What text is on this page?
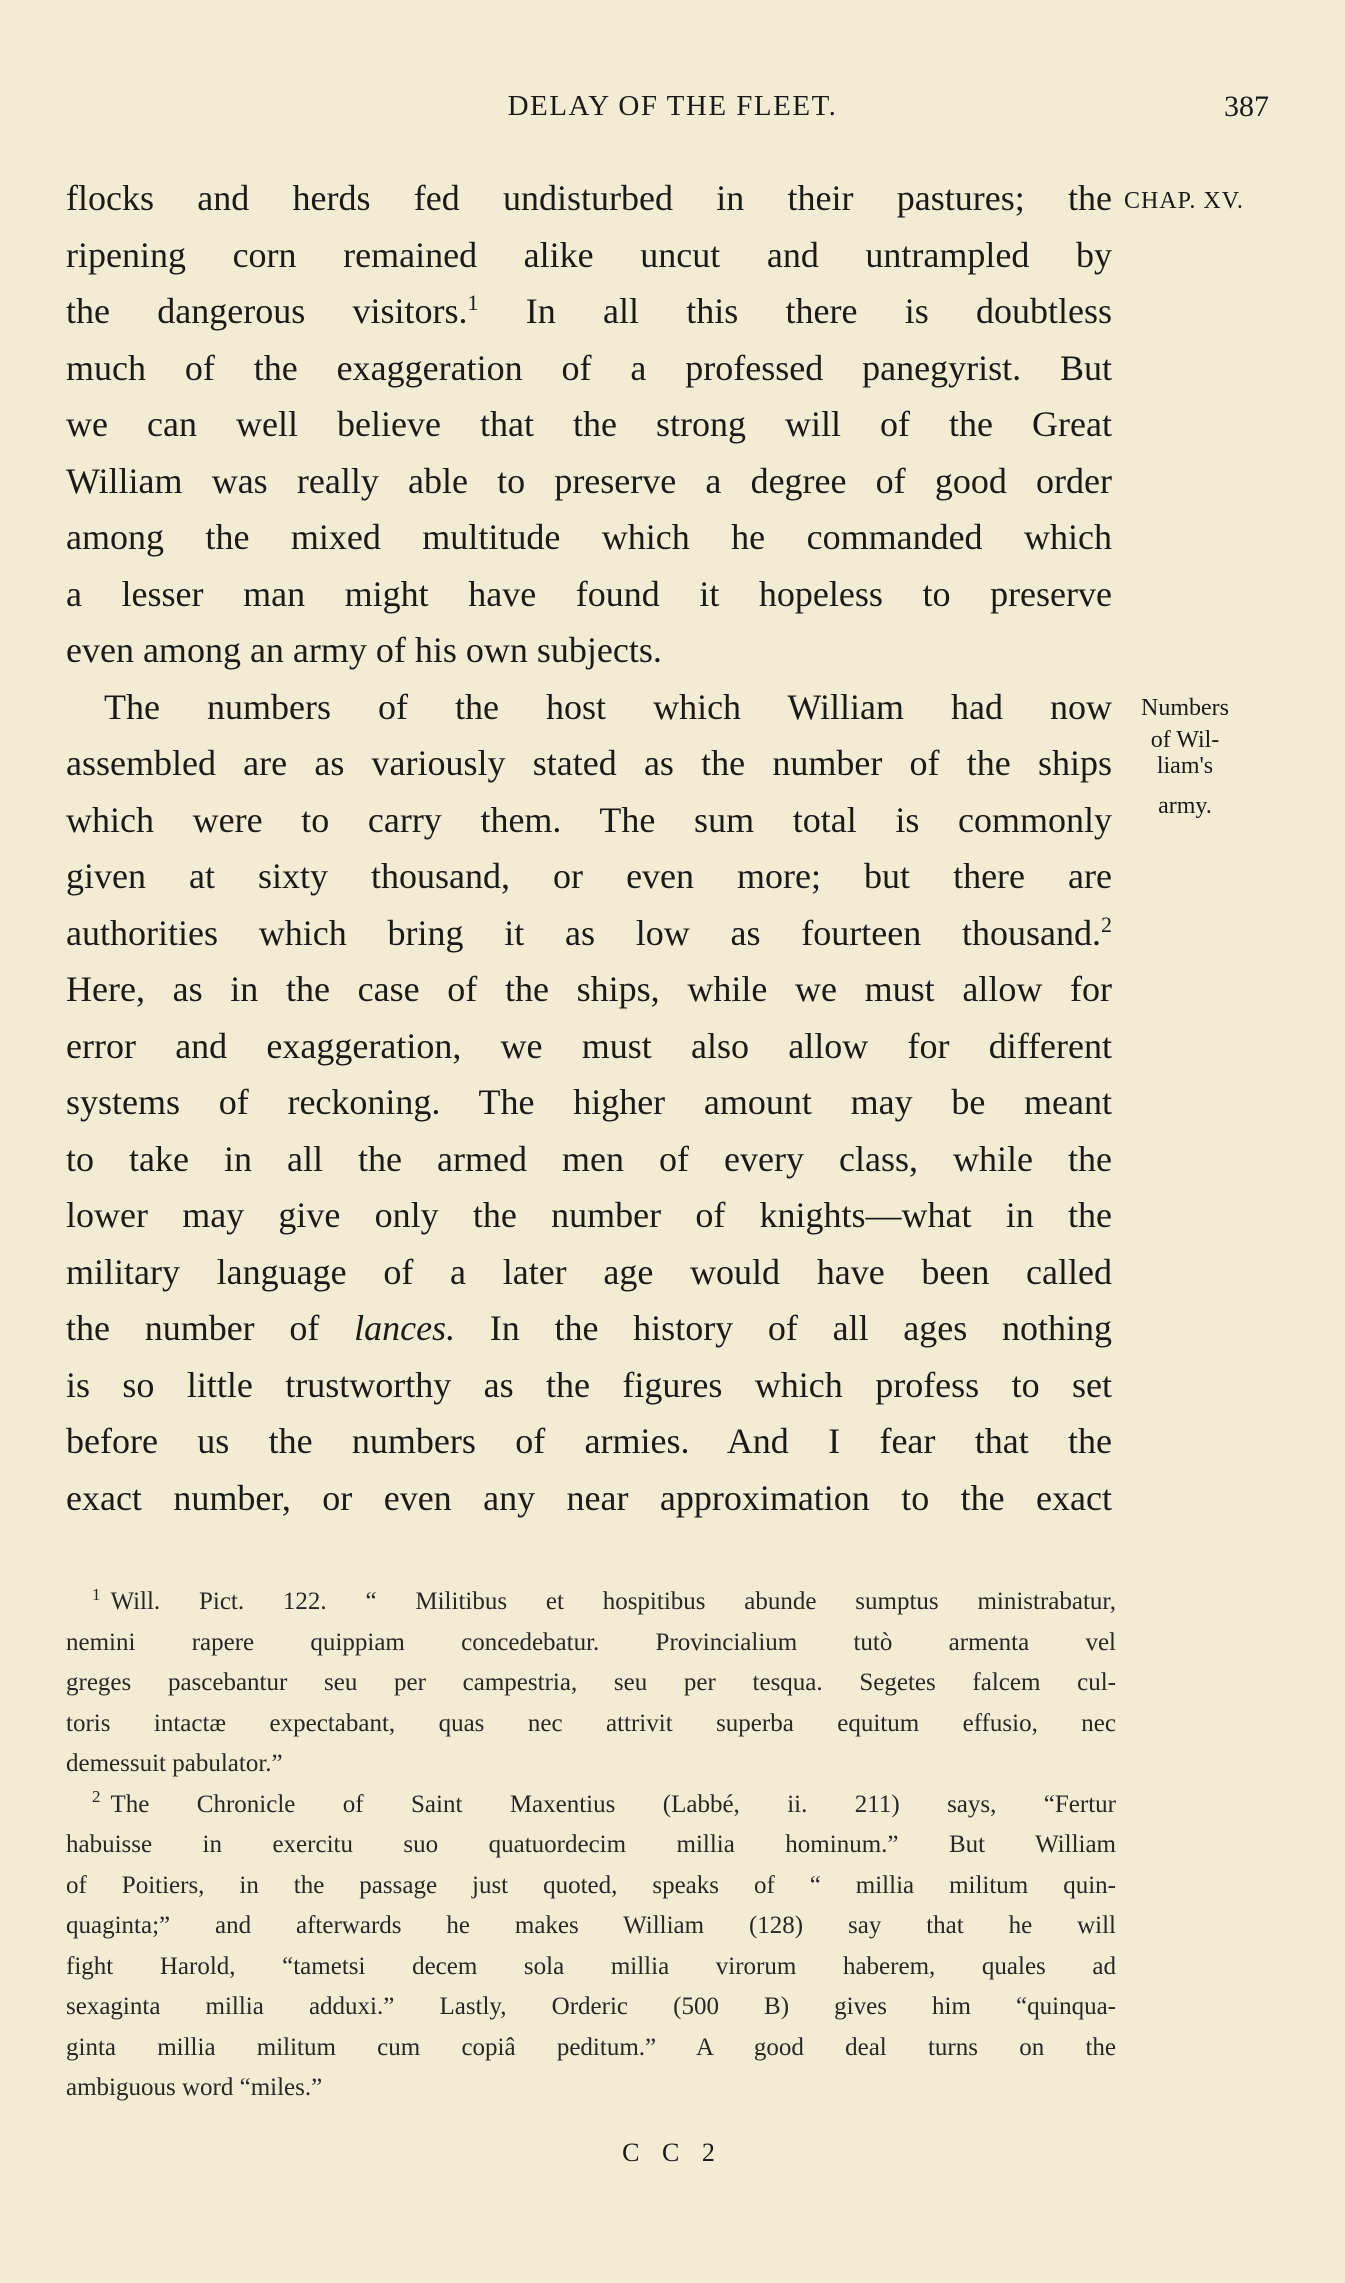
DELAY OF THE FLEET.	387
CHAP. XV.
Numbers
of Wil-
liam's
army.
flocks and herds fed undisturbed in their pastures; the
ripening corn remained alike uncut and untrampled by
the dangerous visitors.$^1$ In all this there is doubtless
much of the exaggeration of a professed panegyrist. But
we can well believe that the strong will of the Great
William was really able to preserve a degree of good order
among the mixed multitude which he commanded which
a lesser man might have found it hopeless to preserve
even among an army of his own subjects.
The numbers of the host which William had now
assembled are as variously stated as the number of the ships
which were to carry them. The sum total is commonly
given at sixty thousand, or even more; but there are
authorities which bring it as low as fourteen thousand.$^2$
Here, as in the case of the ships, while we must allow for
error and exaggeration, we must also allow for different
systems of reckoning. The higher amount may be meant
to take in all the armed men of every class, while the
lower may give only the number of knights—what in the
military language of a later age would have been called
the number of lances. In the history of all ages nothing
is so little trustworthy as the figures which profess to set
before us the numbers of armies. And I fear that the
exact number, or even any near approximation to the exact
$^1$ Will. Pict. 122. “ Militibus et hospitibus abunde sumptus ministrabatur,
nemini rapere quippiam concedebatur. Provincialium tutò armenta vel
greges pascebantur seu per campestria, seu per tesqua. Segetes falcem cul-
toris intactæ expectabant, quas nec attrivit superba equitum effusio, nec
demessuit pabulator.”
$^2$ The Chronicle of Saint Maxentius (Labbé, ii. 211) says, “Fertur
habuisse in exercitu suo quatuordecim millia hominum.” But William
of Poitiers, in the passage just quoted, speaks of “ millia militum quin-
quaginta;” and afterwards he makes William (128) say that he will
fight Harold, “tametsi decem sola millia virorum haberem, quales ad
sexaginta millia adduxi.” Lastly, Orderic (500 B) gives him “quinqua-
ginta millia militum cum copiâ peditum.” A good deal turns on the
ambiguous word “miles.”
C C 2
